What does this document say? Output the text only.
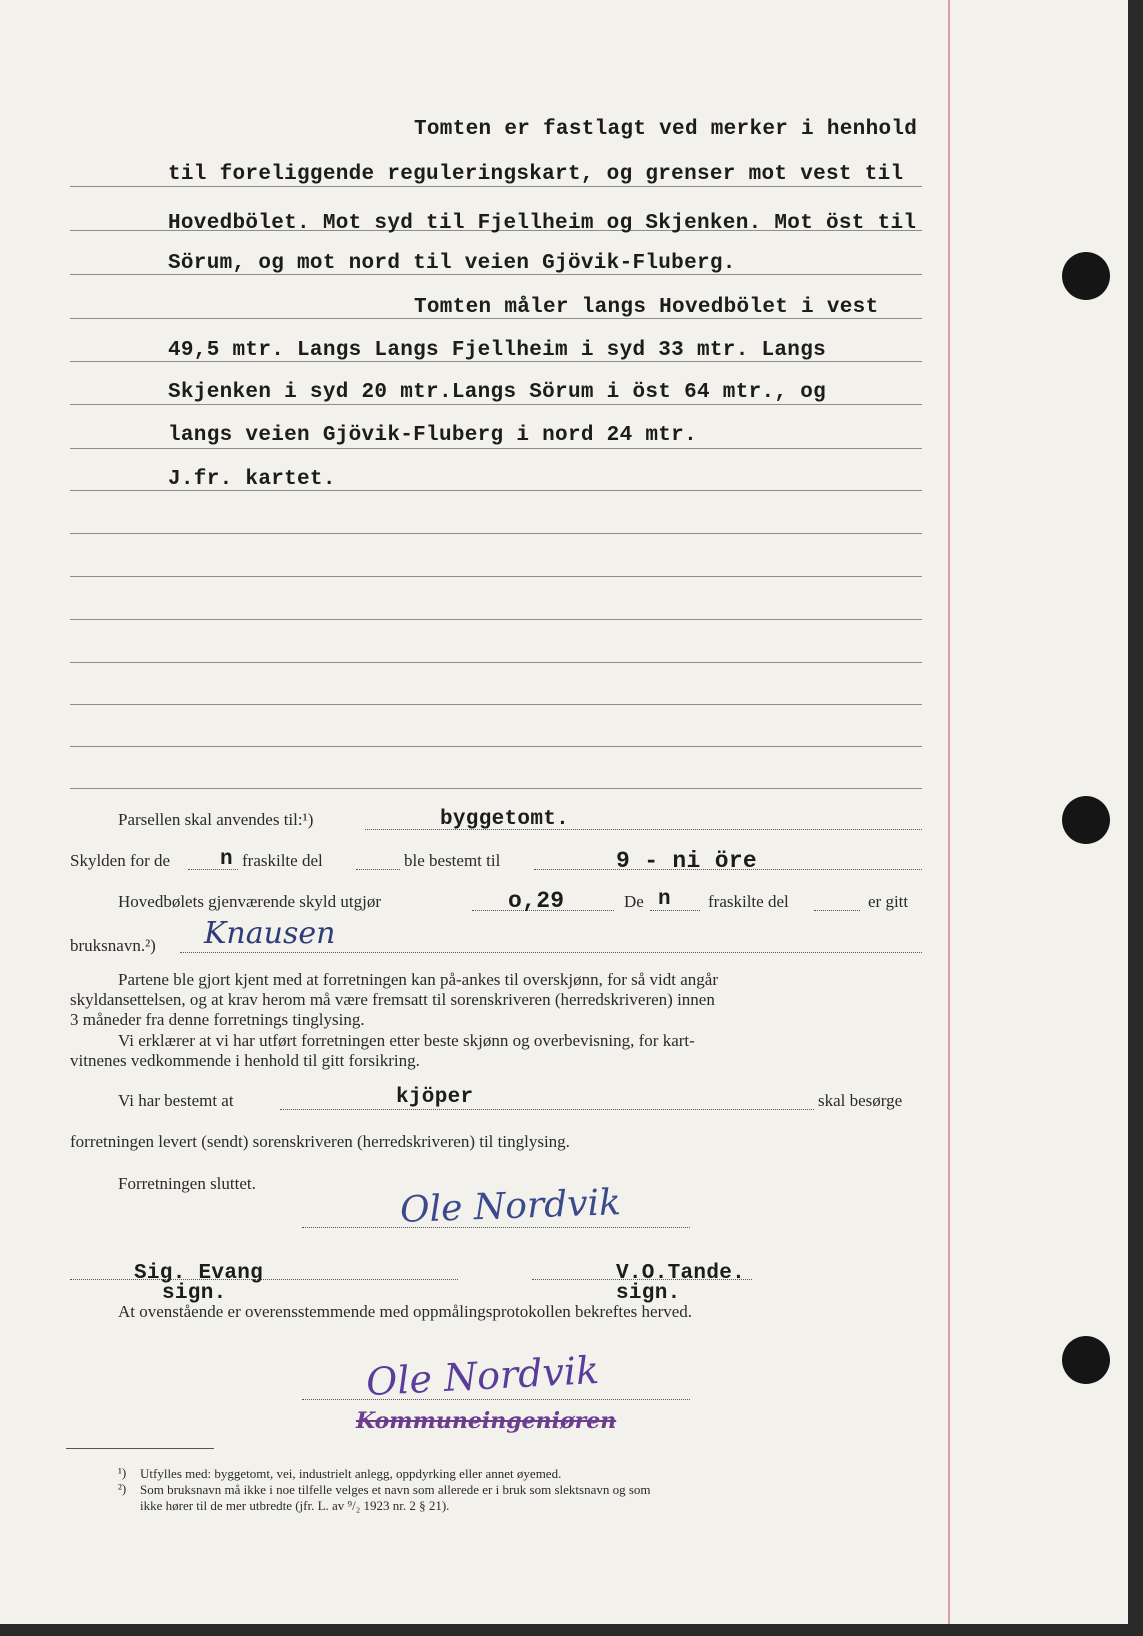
Tomten er fastlagt ved merker i henhold
til foreliggende reguleringskart, og grenser mot vest til
Hovedbölet. Mot syd til Fjellheim og Skjenken. Mot öst til
Sörum, og mot nord til veien Gjövik-Fluberg.
Tomten måler langs Hovedbölet i vest
49,5 mtr. Langs Langs Fjellheim i syd 33 mtr. Langs
Skjenken i syd 20 mtr.Langs Sörum i öst 64 mtr., og
langs veien Gjövik-Fluberg i nord 24 mtr.
J.fr. kartet.
Parsellen skal anvendes til:¹)	byggetomt.
Skylden for de n fraskilte del	ble bestemt til	9 - ni öre
Hovedbølets gjenværende skyld utgjør	o,29	De n fraskilte del	er gitt
bruksnavn.²) Knausen
Partene ble gjort kjent med at forretningen kan på-ankes til overskjønn, for så vidt angår
skyldansettelsen, og at krav herom må være fremsatt til sorenskriveren (herredskriveren) innen
3 måneder fra denne forretnings tinglysing.
Vi erklærer at vi har utført forretningen etter beste skjønn og overbevisning, for kart-
vitnenes vedkommende i henhold til gitt forsikring.
Vi har bestemt at	kjöper	skal besørge
forretningen levert (sendt) sorenskriveren (herredskriveren) til tinglysing.
Forretningen sluttet.	Ole Nordvik
Sig. Evang
sign.
V.O.Tande.
sign.
At ovenstående er overensstemmende med oppmålingsprotokollen bekreftes herved.
Ole Nordvik
Kommuneingeniøren
¹) Utfylles med: byggetomt, vei, industrielt anlegg, oppdyrking eller annet øyemed.
²) Som bruksnavn må ikke i noe tilfelle velges et navn som allerede er i bruk som slektsnavn og som
ikke hører til de mer utbredte (jfr. L. av ⁹/₂ 1923 nr. 2 § 21).
